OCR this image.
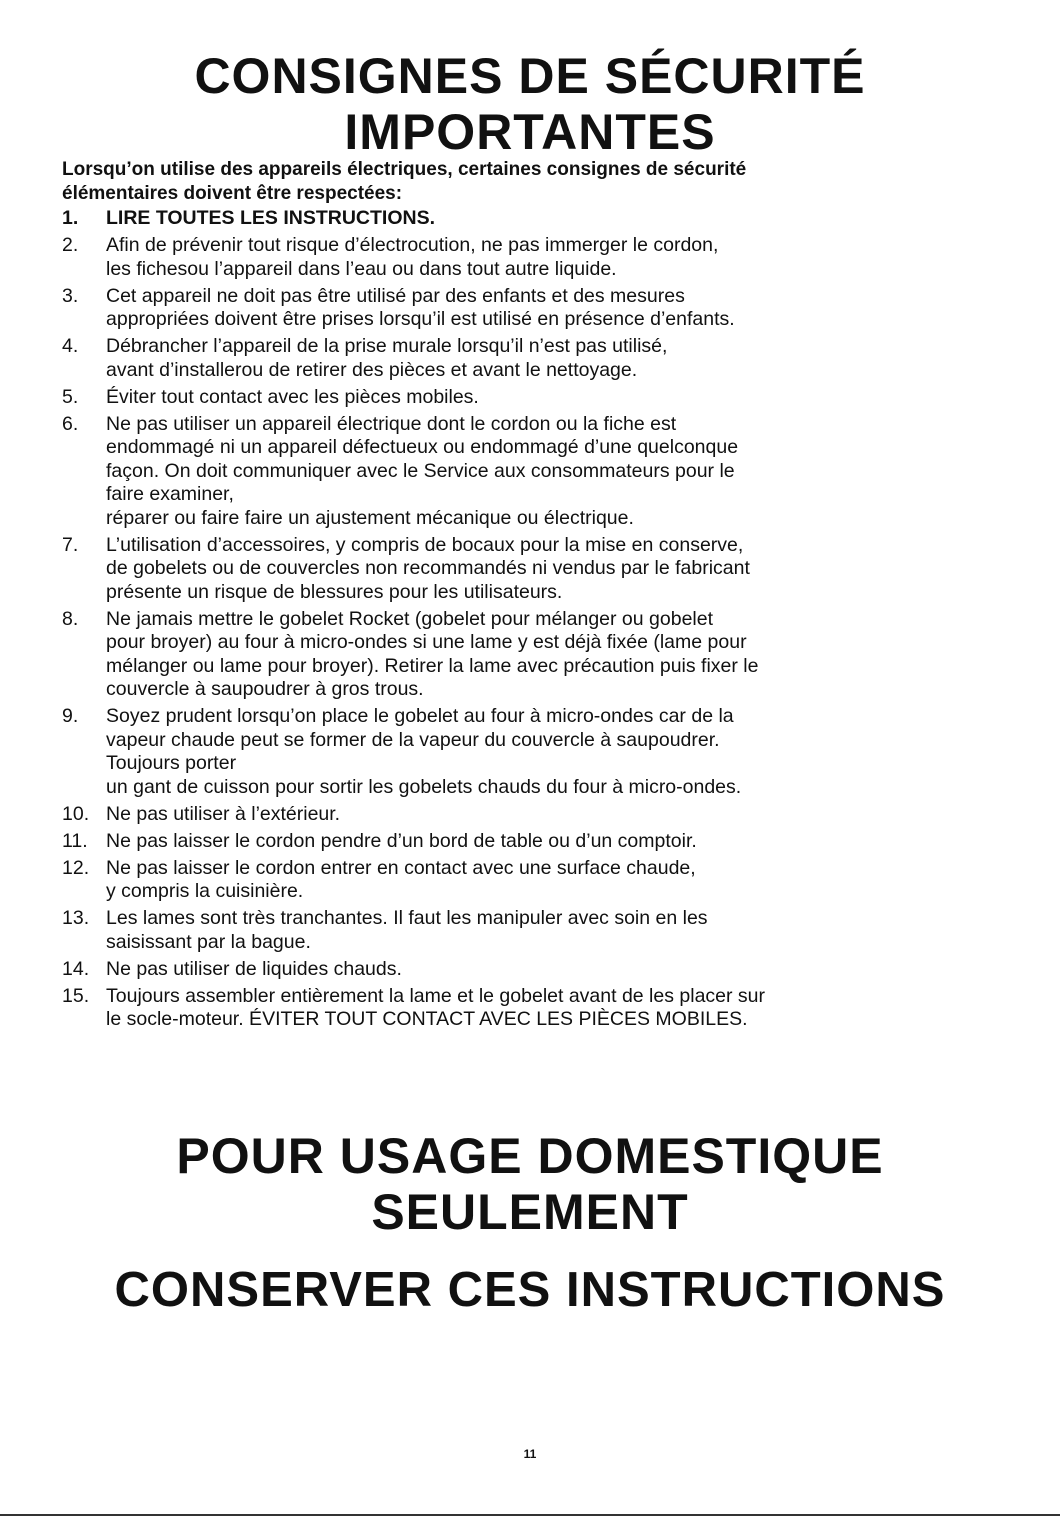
CONSIGNES DE SÉCURITÉ
IMPORTANTES
Lorsqu’on utilise des appareils électriques, certaines consignes de sécurité
élémentaires doivent être respectées:
1.	LIRE TOUTES LES INSTRUCTIONS.
2.	Afin de prévenir tout risque d’électrocution, ne pas immerger le cordon,
les fichesou l’appareil dans l’eau ou dans tout autre liquide.
3.	Cet appareil ne doit pas être utilisé par des enfants et des mesures
appropriées doivent être prises lorsqu’il est utilisé en présence d’enfants.
4.	Débrancher l’appareil de la prise murale lorsqu’il n’est pas utilisé,
avant d’installerou de retirer des pièces et avant le nettoyage.
5.	Éviter tout contact avec les pièces mobiles.
6.	Ne pas utiliser un appareil électrique dont le cordon ou la fiche est
endommagé ni un appareil défectueux ou endommagé d’une quelconque
façon. On doit communiquer avec le Service aux consommateurs pour le
faire examiner,
réparer ou faire faire un ajustement mécanique ou électrique.
7.	L’utilisation d’accessoires, y compris de bocaux pour la mise en conserve,
de gobelets ou de couvercles non recommandés ni vendus par le fabricant
présente un risque de blessures pour les utilisateurs.
8.	Ne jamais mettre le gobelet Rocket (gobelet pour mélanger ou gobelet
pour broyer) au four à micro-ondes si une lame y est déjà fixée (lame pour
mélanger ou lame pour broyer). Retirer la lame avec précaution puis fixer le
couvercle à saupoudrer à gros trous.
9.	Soyez prudent lorsqu’on place le gobelet au four à micro-ondes car de la
vapeur chaude peut se former de la vapeur du couvercle à saupoudrer.
Toujours porter
un gant de cuisson pour sortir les gobelets chauds du four à micro-ondes.
10. Ne pas utiliser à l’extérieur.
11. Ne pas laisser le cordon pendre d’un bord de table ou d’un comptoir.
12. Ne pas laisser le cordon entrer en contact avec une surface chaude,
y compris la cuisinière.
13. Les lames sont très tranchantes. Il faut les manipuler avec soin en les
saisissant par la bague.
14. Ne pas utiliser de liquides chauds.
15. Toujours assembler entièrement la lame et le gobelet avant de les placer sur
le socle-moteur. ÉVITER TOUT CONTACT AVEC LES PIÈCES MOBILES.
POUR USAGE DOMESTIQUE
SEULEMENT
CONSERVER CES INSTRUCTIONS
11
